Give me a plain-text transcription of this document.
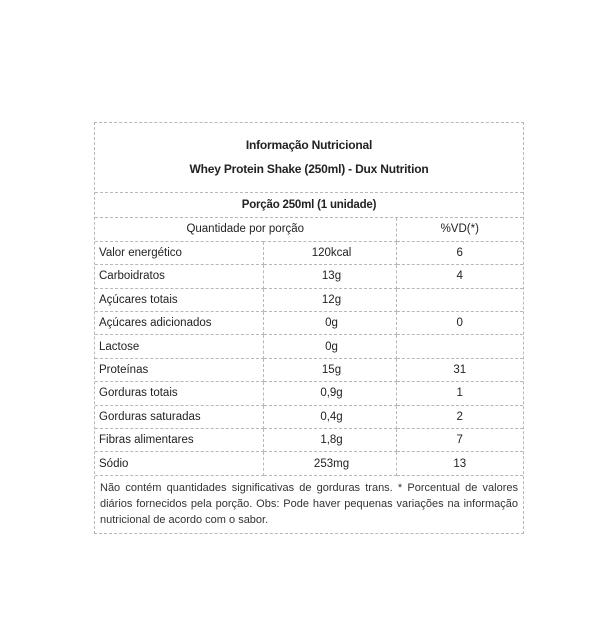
Informação Nutricional
Whey Protein Shake (250ml) - Dux Nutrition
Porção 250ml (1 unidade)
Quantidade por porção		%VD(*)
Valor energético	120kcal	6
Carboidratos	13g	4
Açúcares totais	12g	
Açúcares adicionados	0g	0
Lactose	0g	
Proteínas	15g	31
Gorduras totais	0,9g	1
Gorduras saturadas	0,4g	2
Fibras alimentares	1,8g	7
Sódio	253mg	13
Não contém quantidades significativas de gorduras trans. * Porcentual de valores diários fornecidos pela porção. Obs: Pode haver pequenas variações na informação nutricional de acordo com o sabor.
